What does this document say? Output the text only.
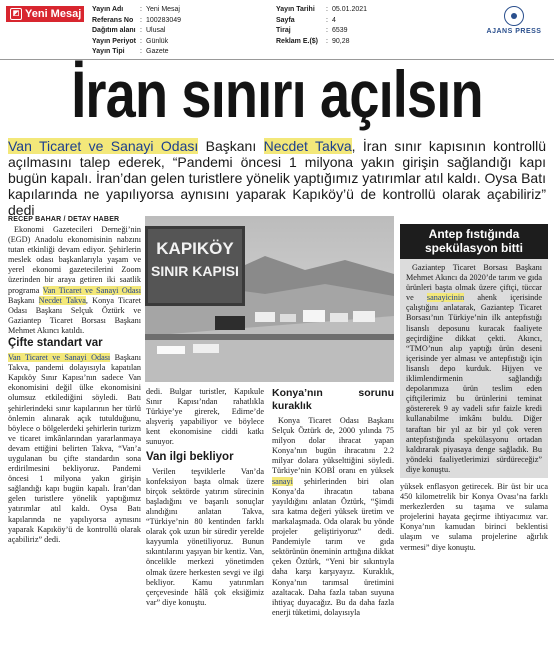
◩ Yeni Mesaj Yayın Adı : Yeni Mesaj
Referans No : 100283049
Dağıtım alanı : Ulusal
Yayın Periyot : Günlük
Yayın Tipi : Gazete
Yayın Tarihi : 05.01.2021
Sayfa	: 4
Tiraj	: 6539
Reklam E.($) : 90,28
AJANS PRESS
İran sınırı açılsın
Van Ticaret ve Sanayi Odası Başkanı Necdet Takva, İran sınır kapısının kontrollü açılmasını talep ederek, “Pandemi öncesi 1 milyona yakın girişin sağlandığı kapı bugün kapalı. İran’dan gelen turistlere yönelik yaptığımız yatırımlar atıl kaldı. Oysa Batı kapılarında ne yapılıyorsa aynısını yaparak Kapıköy’ü de kontrollü olarak açabiliriz” dedi
RECEP BAHAR / DETAY HABER

Ekonomi Gazetecileri Derneği’nin (EGD) Anadolu ekonomisinin nabzını tutan etkinliği devam ediyor. Şehirlerin meslek odası başkanlarıyla yaşam ve yerel ekonomi gazetecilerini Zoom üzerinden bir araya getiren iki saatlik programa Van Ticaret ve Sanayi Odası Başkanı Necdet Takva, Konya Ticaret Odası Başkanı Selçuk Öztürk ve Gaziantep Ticaret Borsası Başkanı Mehmet Akıncı katıldı.

Çifte standart var

Van Ticaret ve Sanayi Odası Başkanı Takva, pandemi dolayısıyla kapatılan Kapıköy Sınır Kapısı’nın sadece Van ekonomisini değil ülke ekonomisini olumsuz etkilediğini söyledi. Batı şehirlerindeki sınır kapılarının her türlü önlemin alınarak açık tutulduğunu, böylece o bölgelerdeki şehirlerin turizm ve ticaret imkânlarından yararlanmaya devam ettiğini belirten Takva, “Van’a uygulanan bu çifte standardın sona erdirilmesini bekliyoruz. Pandemi öncesi 1 milyona yakın girişin sağlandığı kapı bugün kapalı. İran’dan gelen turistlere yönelik yaptığımız yatırımlar atıl kaldı. Oysa Batı kapılarında ne yapılıyorsa aynısını yaparak Kapıköy’ü de kontrollü olarak açabiliriz” dedi.

KAPIKÖY
SINIR KAPISI

dedi. Bulgar turistler, Kapıkule Sınır Kapısı’ndan rahatlıkla Türkiye’ye girerek, Edirne’de alışveriş yapabiliyor ve böylece kent ekonomisine ciddi katkı sunuyor.

Van ilgi bekliyor

Verilen teşviklerle Van’da konfeksiyon başta olmak üzere birçok sektörde yatırım sürecinin başladığını ve başarılı sonuçlar alındığını anlatan Takva, “Türkiye’nin 80 kentinden farklı olarak çok uzun bir süredir yerelde kayyumla yönetiliyoruz. Bunun sıkıntılarını yaşıyan bir kentiz. Van, öncelikle merkezi yönetimden olmak üzere herkesten sevgi ve ilgi bekliyor. Kamu yatırımları çerçevesinde hâlâ çok eksiğimiz var” diye konuştu.

Konya’nın sorunu kuraklık

Konya Ticaret Odası Başkanı Selçuk Öztürk de, 2000 yılında 75 milyon dolar ihracat yapan Konya’nın bugün ihracatını 2.2 milyar dolara yükselttiğini söyledi. Türkiye’nin KOBİ oranı en yüksek sanayi şehirlerinden biri olan Konya’da ihracatın tabana yayıldığını anlatan Öztürk, “Şimdi sıra katma değeri yüksek üretim ve markalaşmada. Oda olarak bu yönde projeler geliştiriyoruz” dedi. Pandemiyle tarım ve gıda sektörünün öneminin arttığına dikkat çeken Öztürk, “Yeni bir sıkıntıyla daha karşı karşıyayız. Kuraklık, Konya’nın tarımsal üretimini azaltacak. Daha fazla taban suyuna ihtiyaç duyacağız. Bu da daha fazla enerji tüketimi, dolayısıyla

Antep fıstığında spekülasyon bitti

Gaziantep Ticaret Borsası Başkanı Mehmet Akıncı da 2020’de tarım ve gıda ürünleri başta olmak üzere çiftçi, tüccar ve sanayicinin ahenk içerisinde çalıştığını anlatarak, Gaziantep Ticaret Borsası’nın Türkiye’nin ilk antepfıstığı lisanslı deposunu kuracak faaliyete geçirdiğine dikkat çekti. Akıncı, “TMO’nun alıp yaptığı ürün deseni içerisinde yer alması ve antepfıstığı için lisanslı depo kurduk. Hijyen ve iklimlendirmenin sağlandığı depolarımıza ürün teslim eden çiftçilerimiz bu ürünlerini teminat göstererek 9 ay vadeli sıfır faizle kredi kullanabilme imkânı buldu. Diğer taraftan bir yıl az bir yıl çok veren antepfıstığında spekülasyonu ortadan kaldırarak piyasaya denge sağladık. Bu yöndeki faaliyetlerimizi sürdüreceğiz” diye konuştu.

yüksek enflasyon getirecek. Bir üst bir uca 450 kilometrelik bir Konya Ovası’na farklı merkezlerden su taşıma ve sulama projelerini hayata geçirme ihtiyacımız var. Konya’nın kamudan birinci beklentisi ulaşım ve sulama projelerine ağırlık vermesi” diye konuştu.
